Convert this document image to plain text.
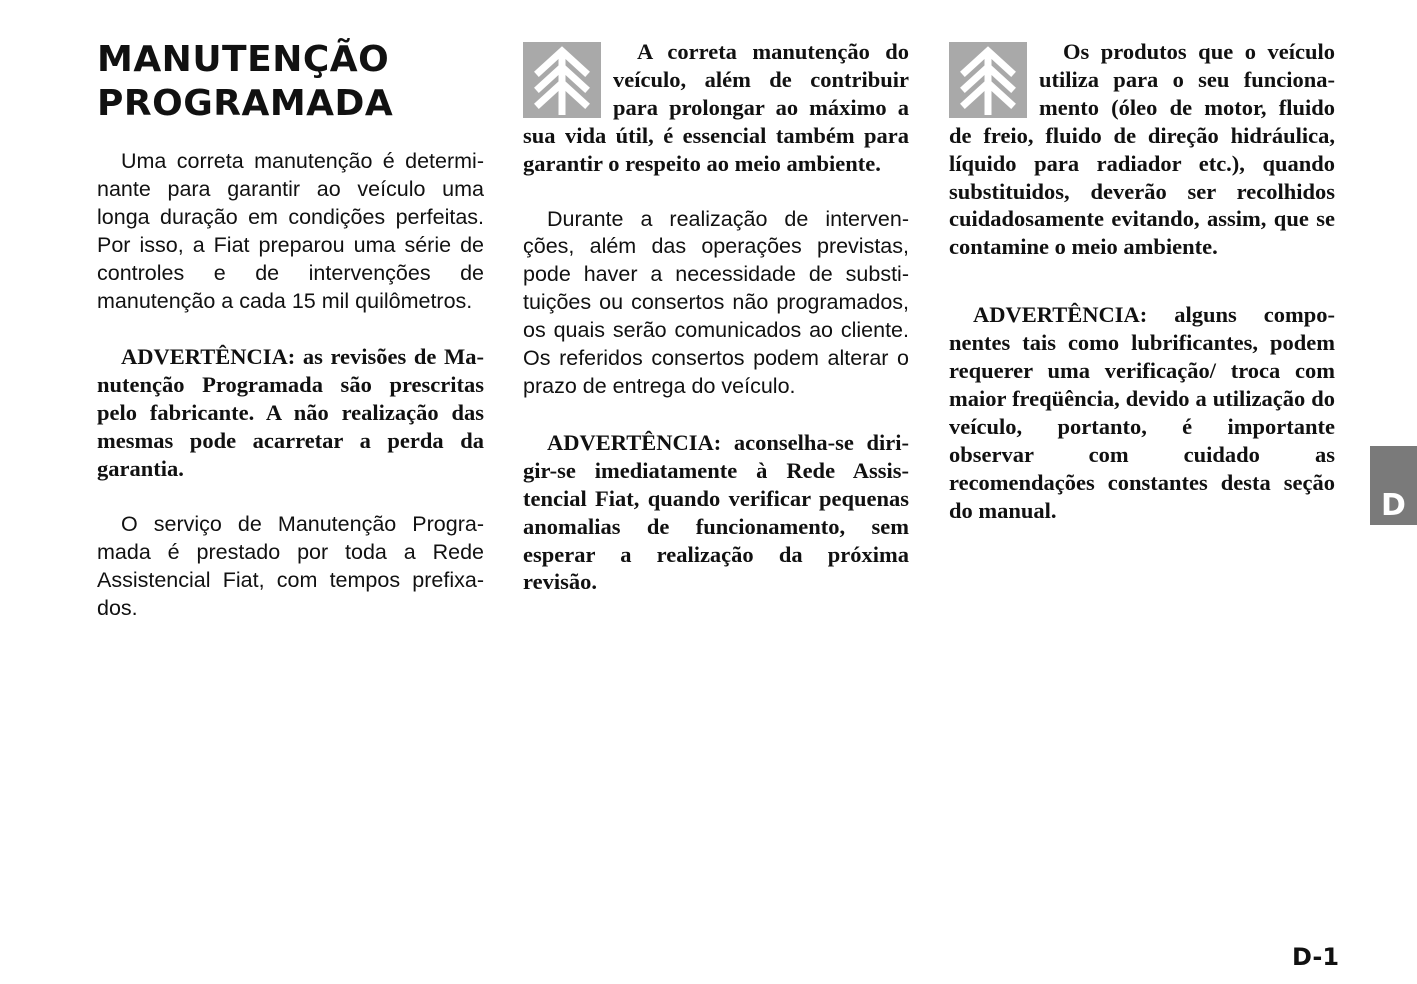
MANUTENÇÃO
PROGRAMADA

Uma correta manutenção é determinante para garantir ao veículo uma longa duração em condições perfeitas. Por isso, a Fiat preparou uma série de controles e de intervenções de manutenção a cada 15 mil quilômetros.

ADVERTÊNCIA: as revisões de Manutenção Programada são prescritas pelo fabricante. A não realização das mesmas pode acarretar a perda da garantia.

O serviço de Manutenção Programada é prestado por toda a Rede Assistencial Fiat, com tempos prefixados.

A correta manutenção do veículo, além de contribuir para prolongar ao máximo a sua vida útil, é essencial também para garantir o respeito ao meio ambiente.

Durante a realização de intervenções, além das operações previstas, pode haver a necessidade de substituições ou consertos não programados, os quais serão comunicados ao cliente. Os referidos consertos podem alterar o prazo de entrega do veículo.

ADVERTÊNCIA: aconselha-se dirigir-se imediatamente à Rede Assistencial Fiat, quando verificar pequenas anomalias de funcionamento, sem esperar a realização da próxima revisão.

Os produtos que o veículo utiliza para o seu funcionamento (óleo de motor, fluido de freio, fluido de direção hidráulica, líquido para radiador etc.), quando substituidos, deverão ser recolhidos cuidadosamente evitando, assim, que se contamine o meio ambiente.

ADVERTÊNCIA: alguns componentes tais como lubrificantes, podem requerer uma verificação/ troca com maior freqüência, devido a utilização do veículo, portanto, é importante observar com cuidado as recomendações constantes desta seção do manual.	D
D-1
